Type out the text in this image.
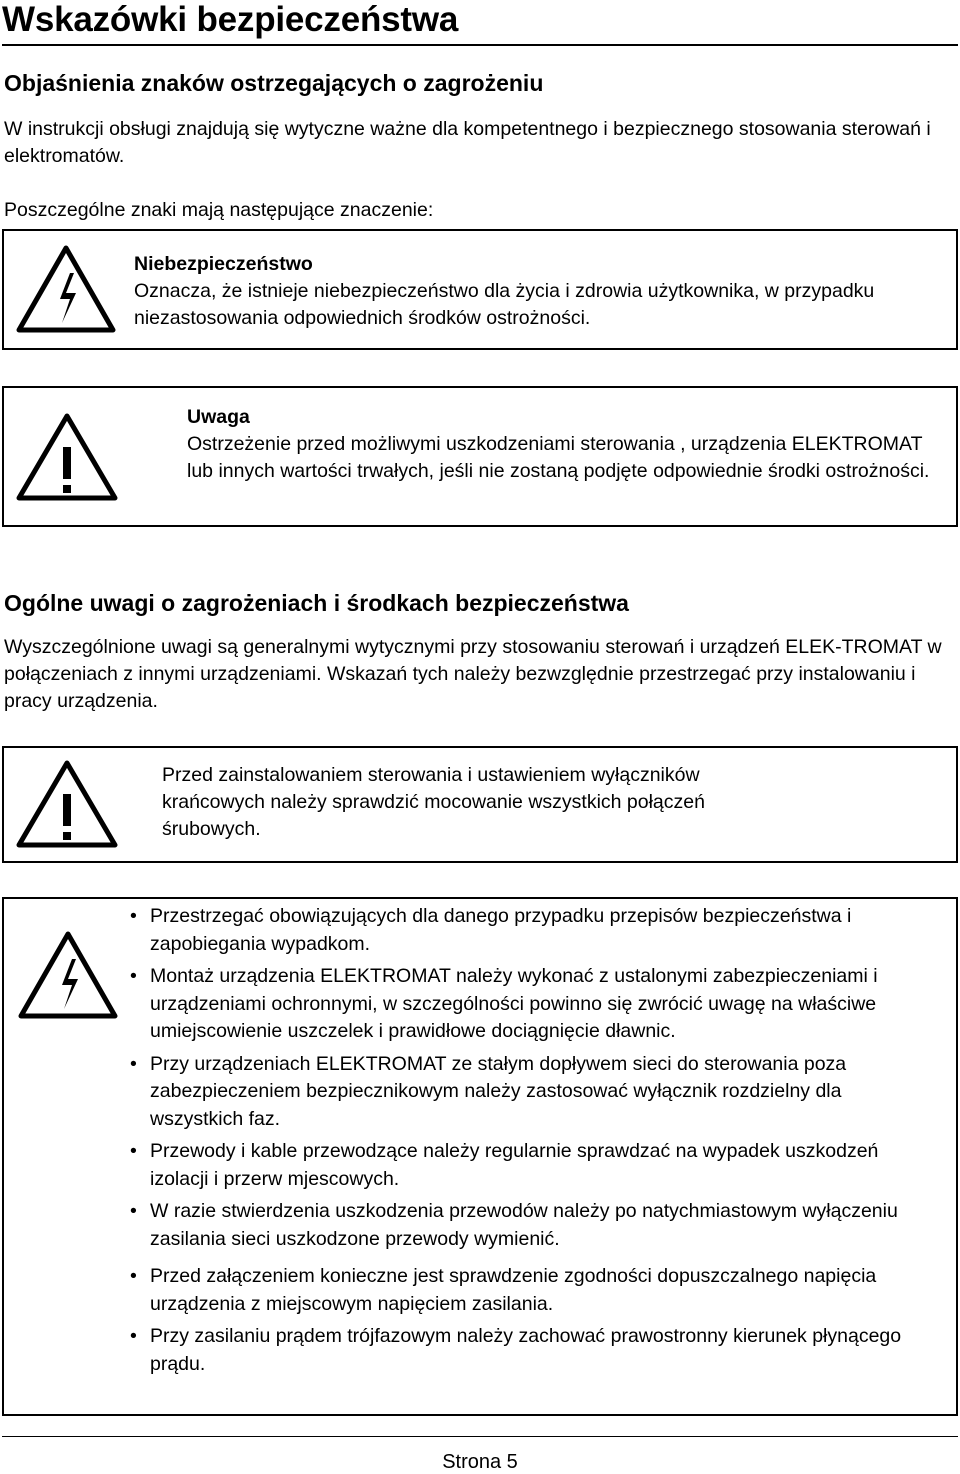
Wskazówki bezpieczeństwa
Objaśnienia znaków ostrzegających o zagrożeniu

W instrukcji obsługi znajdują się wytyczne ważne dla kompetentnego i bezpiecznego stosowania sterowań i elektromatów.

Poszczególne znaki mają następujące znaczenie:

Niebezpieczeństwo
Oznacza, że istnieje niebezpieczeństwo dla życia i zdrowia użytkownika, w przypadku niezastosowania odpowiednich środków ostrożności.
Uwaga
Ostrzeżenie przed możliwymi uszkodzeniami sterowania , urządzenia ELEKTROMAT lub innych wartości trwałych, jeśli nie zostaną podjęte odpowiednie środki ostrożności.
Ogólne uwagi o zagrożeniach i środkach bezpieczeństwa

Wyszczególnione uwagi są generalnymi wytycznymi przy stosowaniu sterowań i urządzeń ELEK-TROMAT w połączeniach z innymi urządzeniami. Wskazań tych należy bezwzględnie przestrzegać przy instalowaniu i pracy urządzenia.

Przed zainstalowaniem sterowania i ustawieniem wyłączników krańcowych należy sprawdzić mocowanie wszystkich połączeń śrubowych.
• Przestrzegać obowiązujących dla danego przypadku przepisów bezpieczeństwa i zapobiegania wypadkom.
• Montaż urządzenia ELEKTROMAT należy wykonać z ustalonymi zabezpieczeniami i urządzeniami ochronnymi, w szczególności powinno się zwrócić uwagę na właściwe umiejscowienie uszczelek i prawidłowe dociągnięcie dławnic.
• Przy urządzeniach ELEKTROMAT ze stałym dopływem sieci do sterowania poza zabezpieczeniem bezpiecznikowym należy zastosować wyłącznik rozdzielny dla wszystkich faz.
• Przewody i kable przewodzące należy regularnie sprawdzać na wypadek uszkodzeń izolacji i przerw mjescowych.
• W razie stwierdzenia uszkodzenia przewodów należy po natychmiastowym wyłączeniu zasilania sieci uszkodzone przewody wymienić.
• Przed załączeniem konieczne jest sprawdzenie zgodności dopuszczalnego napięcia urządzenia z miejscowym napięciem zasilania.
• Przy zasilaniu prądem trójfazowym należy zachować prawostronny kierunek płynącego prądu.
Strona 5
